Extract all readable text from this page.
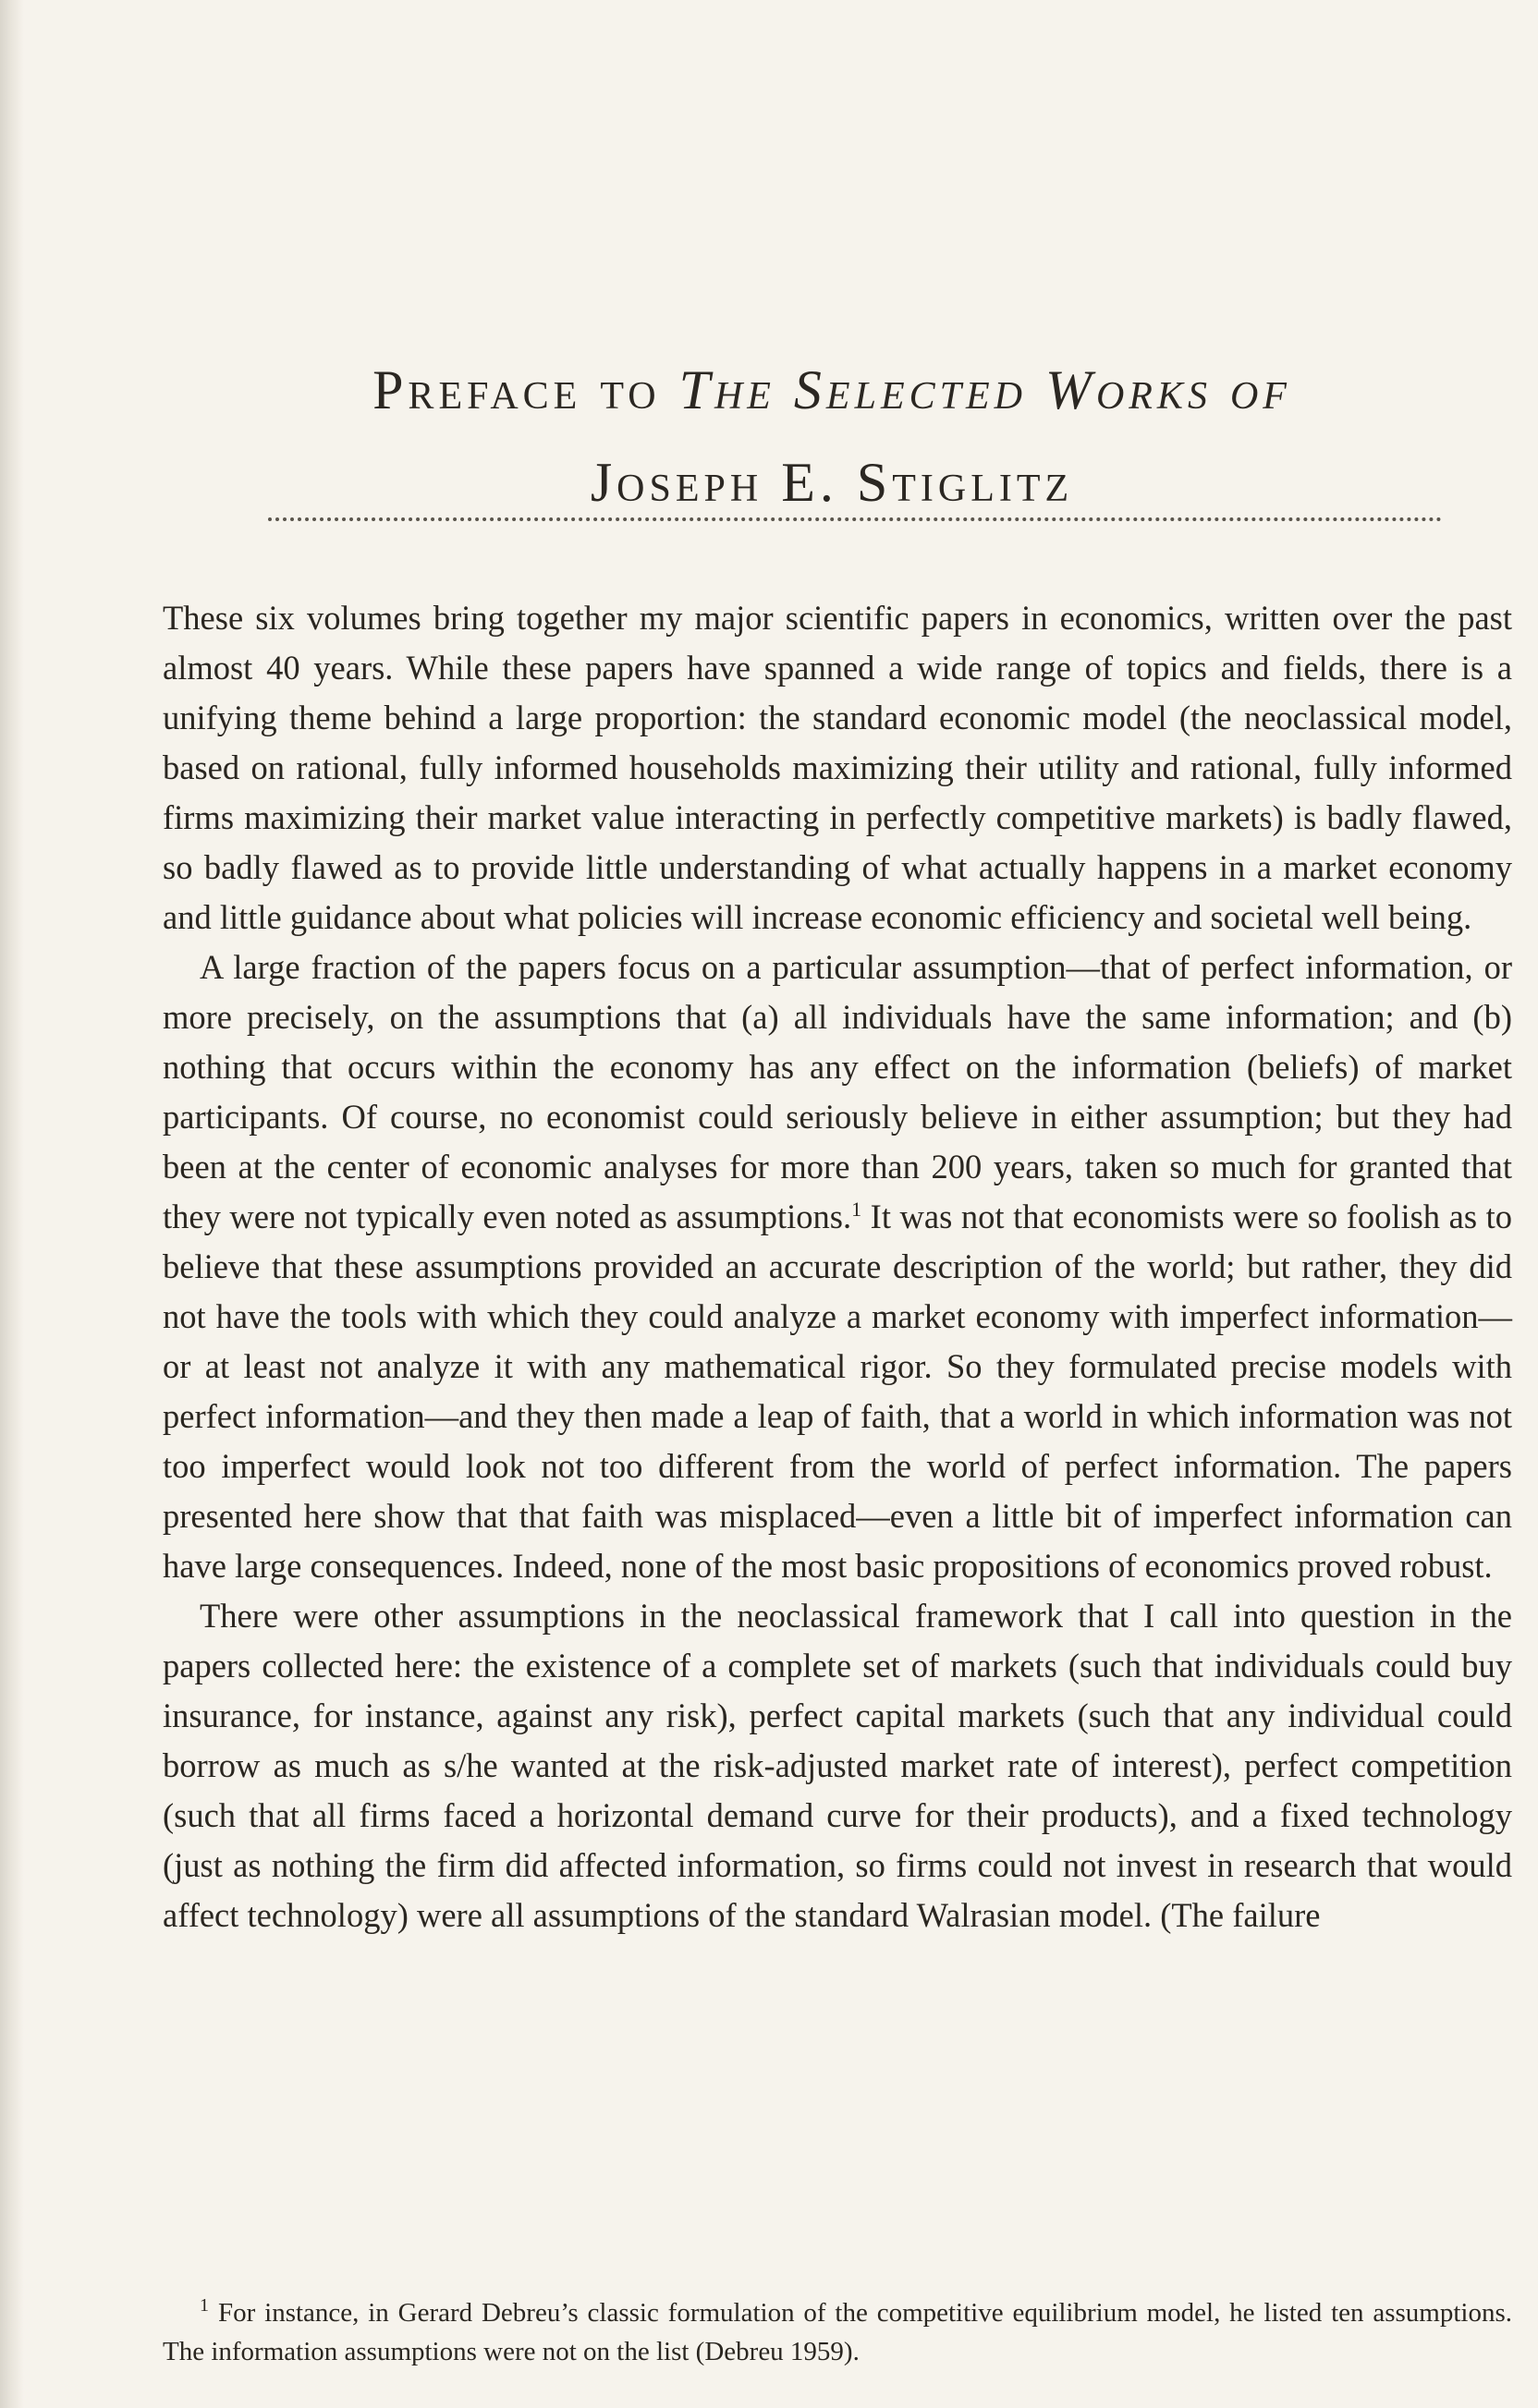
Preface to The Selected Works of
Joseph E. Stiglitz

These six volumes bring together my major scientific papers in economics, written over the past almost 40 years. While these papers have spanned a wide range of topics and fields, there is a unifying theme behind a large proportion: the standard economic model (the neoclassical model, based on rational, fully informed households maximizing their utility and rational, fully informed firms maximizing their market value interacting in perfectly competitive markets) is badly flawed, so badly flawed as to provide little understanding of what actually happens in a market economy and little guidance about what policies will increase economic efficiency and societal well being.

A large fraction of the papers focus on a particular assumption—that of perfect information, or more precisely, on the assumptions that (a) all individuals have the same information; and (b) nothing that occurs within the economy has any effect on the information (beliefs) of market participants. Of course, no economist could seriously believe in either assumption; but they had been at the center of economic analyses for more than 200 years, taken so much for granted that they were not typically even noted as assumptions.$^1$ It was not that economists were so foolish as to believe that these assumptions provided an accurate description of the world; but rather, they did not have the tools with which they could analyze a market economy with imperfect information—or at least not analyze it with any mathematical rigor. So they formulated precise models with perfect information—and they then made a leap of faith, that a world in which information was not too imperfect would look not too different from the world of perfect information. The papers presented here show that that faith was misplaced—even a little bit of imperfect information can have large consequences. Indeed, none of the most basic propositions of economics proved robust.

There were other assumptions in the neoclassical framework that I call into question in the papers collected here: the existence of a complete set of markets (such that individuals could buy insurance, for instance, against any risk), perfect capital markets (such that any individual could borrow as much as s/he wanted at the risk-adjusted market rate of interest), perfect competition (such that all firms faced a horizontal demand curve for their products), and a fixed technology (just as nothing the firm did affected information, so firms could not invest in research that would affect technology) were all assumptions of the standard Walrasian model. (The failure

$^1$ For instance, in Gerard Debreu’s classic formulation of the competitive equilibrium model, he listed ten assumptions. The information assumptions were not on the list (Debreu 1959).
